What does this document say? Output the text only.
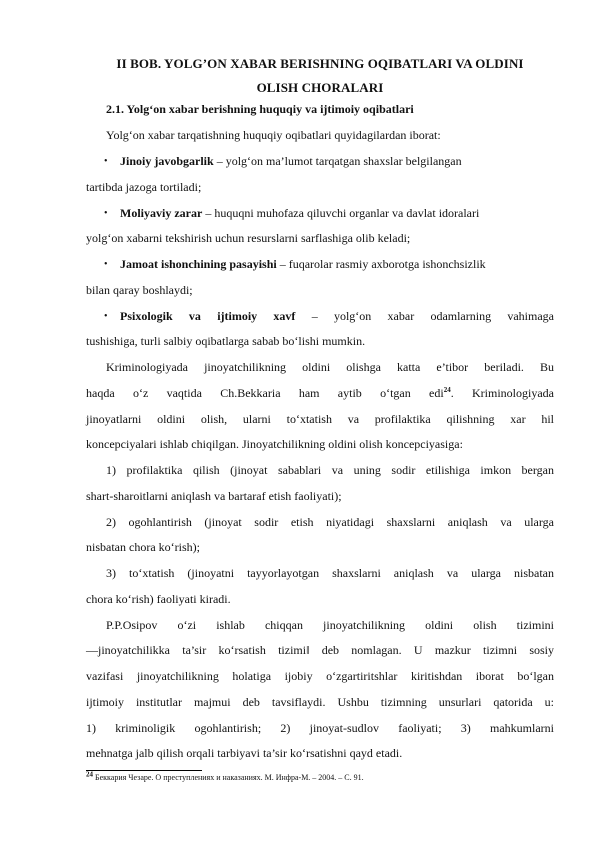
II BOB. YOLG’ON XABAR BERISHNING OQIBATLARI VA OLDINI
OLISH CHORALARI
2.1. Yolg‘on xabar berishning huquqiy va ijtimoiy oqibatlari
Yolg‘on xabar tarqatishning huquqiy oqibatlari quyidagilardan iborat:
• Jinoiy javobgarlik – yolg‘on ma’lumot tarqatgan shaxslar belgilangan
tartibda jazoga tortiladi;
• Moliyaviy zarar – huquqni muhofaza qiluvchi organlar va davlat idoralari
yolg‘on xabarni tekshirish uchun resurslarni sarflashiga olib keladi;
• Jamoat ishonchining pasayishi – fuqarolar rasmiy axborotga ishonchsizlik
bilan qaray boshlaydi;
• Psixologik va ijtimoiy xavf – yolg‘on xabar odamlarning vahimaga
tushishiga, turli salbiy oqibatlarga sabab bo‘lishi mumkin.
Kriminologiyada jinoyatchilikning oldini olishga katta e’tibor beriladi. Bu
haqda o‘z vaqtida Ch.Bekkaria ham aytib o‘tgan edi$^{24}$. Kriminologiyada
jinoyatlarni oldini olish, ularni to‘xtatish va profilaktika qilishning xar hil
koncepciyalari ishlab chiqilgan. Jinoyatchilikning oldini olish koncepciyasiga:
1) profilaktika qilish (jinoyat sabablari va uning sodir etilishiga imkon bergan
shart-sharoitlarni aniqlash va bartaraf etish faoliyati);
2) ogohlantirish (jinoyat sodir etish niyatidagi shaxslarni aniqlash va ularga
nisbatan chora ko‘rish);
3) to‘xtatish (jinoyatni tayyorlayotgan shaxslarni aniqlash va ularga nisbatan
chora ko‘rish) faoliyati kiradi.
P.P.Osipov o‘zi ishlab chiqqan jinoyatchilikning oldini olish tizimini
―jinoyatchilikka ta’sir ko‘rsatish tizimi‖ deb nomlagan. U mazkur tizimni sosiy
vazifasi jinoyatchilikning holatiga ijobiy o‘zgartiritshlar kiritishdan iborat bo‘lgan
ijtimoiy institutlar majmui deb tavsiflaydi. Ushbu tizimning unsurlari qatorida u:
1) kriminoligik ogohlantirish; 2) jinoyat-sudlov faoliyati; 3) mahkumlarni
mehnatga jalb qilish orqali tarbiyavi ta’sir ko‘rsatishni qayd etadi.
$^{24}$ Беккария Чезаре. О преступлениях и наказаниях. М. Инфра-М. – 2004. – С. 91.
